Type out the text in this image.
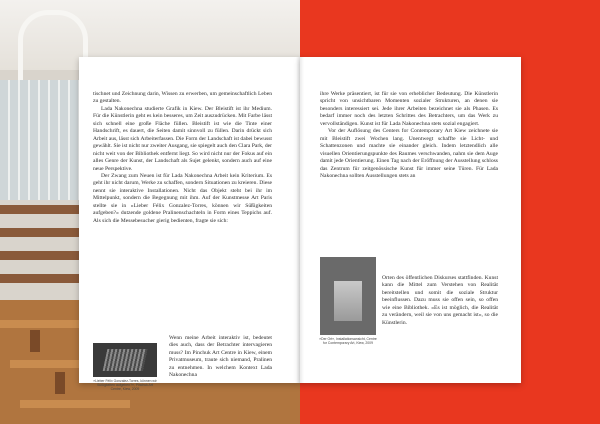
tischnet und Zeichnung darin, Wissen zu erwerben, um gemeinschaftlich Leben zu gestalten.

Lada Nakonechna studierte Grafik in Kiew. Der Bleistift ist ihr Medium. Für die Künstlerin geht es kein besseres, um Zeit auszudrücken. Mit Farbe lässt sich schnell eine große Fläche füllen. Bleistift ist wie die Tinte einer Handschrift, es dauert, die Seiten damit sinnvoll zu füllen. Darin drückt sich Arbeit aus, lässt sich Arbeiterfassen. Die Form der Landschaft ist dabei bewusst gewählt. Sie ist nicht nur zweiter Ausgang, sie spiegelt auch den Clara Park, der nicht weit von der Bibliothek entfernt liegt. So wird nicht nur der Fokus auf ein alles Genre der Kunst, der Landschaft als Sujet gelenkt, sondern auch auf eine neue Perspektive.

Der Zwang zum Neuen ist für Lada Nakonechna Arbeit kein Kriterium. Es geht ihr nicht darum, Werke zu schaffen, sondern Situationen zu kreieren. Diese nennt sie interaktive Installationen. Nicht das Objekt steht bei ihr im Mittelpunkt, sondern die Begegnung mit ihm. Auf der Kunstmesse Art Paris stellte sie in »Lieber Félix Gonzalez-Torres, können wir Süßigkeiten aufgeben?« dutzende goldene Pralinenschachteln in Form eines Teppichs auf. Als sich die Messebesucher gierig bedienten, fragte sie sich:

Wenn meine Arbeit interaktiv ist, bedeutet dies auch, dass der Betrachter intervagieren muss? Im Pinchuk Art Centre in Kiew, einem Privatmuseum, traute sich niemand, Pralinen zu entnehmen. In welchem Kontext Lada Nakonechna

»Lieber Félix Gonzalez-Torres, können wir Süßigkeiten aufgeben?«, Pinchuk Art Centre, Kiew, 2009

ihre Werke präsentiert, ist für sie von erheblicher Bedeutung. Die Künstlerin spricht von unsichtbaren Momenten sozialer Strukturen, an denen sie besonders interessiert sei. Jede ihrer Arbeiten bezeichnet sie als Phasen. Es bedarf immer noch des letzten Schrittes des Betrachters, um das Werk zu vervollständigen. Kunst ist für Lada Nakonechna stets sozial engagiert.

Vor der Auflösung des Centers for Contemporary Art Kiew zeichnete sie mit Bleistift zwei Wochen lang. Unentwegt schaffte sie Licht- und Schattenzonen und machte sie einander gleich. Indem letztendlich alle visuellen Orientierungspunkte des Raumes verschwanden, nahm sie dem Auge damit jede Orientierung. Einen Tag nach der Eröffnung der Ausstellung schloss das Zentrum für zeitgenössische Kunst für immer seine Türen. Für Lada Nakonechna sollten Ausstellungen stets an

Orten des öffentlichen Diskurses stattfinden. Kunst kann die Mittel zum Verstehen von Realität bereitstellen und somit die soziale Struktur beeinflussen. Dazu muss sie offen sein, so offen wie eine Bibliothek. »Es ist möglich, die Realität zu verändern, weil sie von uns gemacht ist«, so die Künstlerin.

»Der Ort«, Installationsansicht, Centre for Contemporary Art, Kiew, 2009
